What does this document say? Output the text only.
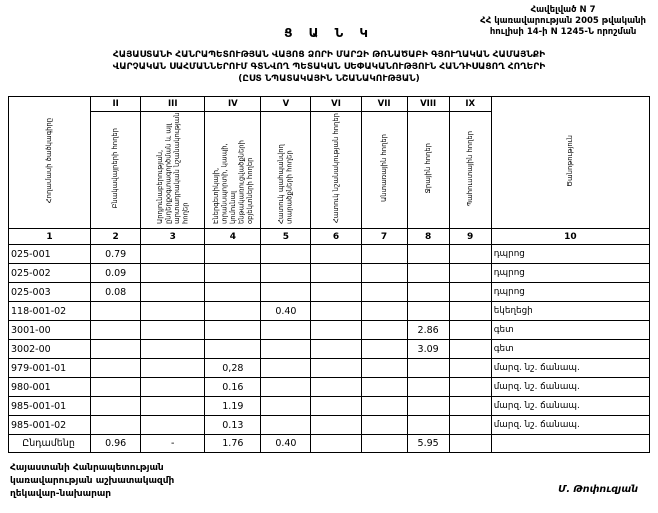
Հավելված N 7
ՀՀ կառավարության 2005 թվականի
հուլիսի 14-ի N 1245-Ն որոշման
Ց Ա Ն Կ
ՀԱՅԱՍՏԱՆԻ ՀԱՆՐԱՊԵՏՈՒԹՅԱՆ ՎԱՅՈՑ ՁՈՐԻ ՄԱՐԶԻ ԹՌՆԱԾԱԲԻ ԳՅՈՒՂԱԿԱՆ ՀԱՄԱՅՆՔԻ
ՎԱՐՉԱԿԱՆ ՍԱՀՄԱՆՆԵՐՈՒՄ ԳՏՆՎՈՂ ՊԵՏԱԿԱՆ ՍԵՓԱԿԱՆՈՒԹՅՈՒՆ ՀԱՆԴԻՍԱՑՈՂ ՀՈՂԵՐԻ
(ԸՍՏ ՆՊԱՏԱԿԱՅԻՆ ՆՇԱՆԱԿՈՒԹՅԱՆ)
Հողամասի ծածկագիրը	II	III	IV	V	VI	VII	VIII	IX	Ծանոթություն
	Բնակավայրերի հողեր	Արդյունաբերության, ընդերքօգտագործման և այլ արտադրական նշանակության հողեր	Էներգետիկայի, տրանսպորտի, կապի, կոմունալ ենթակառուցվածքների օբյեկտների հողեր	Հատուկ պահպանվող տարածքների հողեր	Հատուկ նշանակության հողեր	Անտառային հողեր	Ջրային հողեր	Պահուստային հողեր	
1	2	3	4	5	6	7	8	9	10
025-001	0.79								դպրոց
025-002	0.09								դպրոց
025-003	0.08								դպրոց
118-001-02				0.40					եկեղեցի
3001-00							2.86		գետ
3002-00							3.09		գետ
979-001-01			0,28						մարզ. նշ. ճանապ.
980-001			0.16						մարզ. նշ. ճանապ.
985-001-01			1.19						մարզ. նշ. ճանապ.
985-001-02			0.13						մարզ. նշ. ճանապ.
Ընդամենը	0.96	-	1.76	0.40			5.95		
Հայաստանի Հանրապետության
կառավարության աշխատակազմի
ղեկավար-նախարար	Մ. Թոփուզյան
